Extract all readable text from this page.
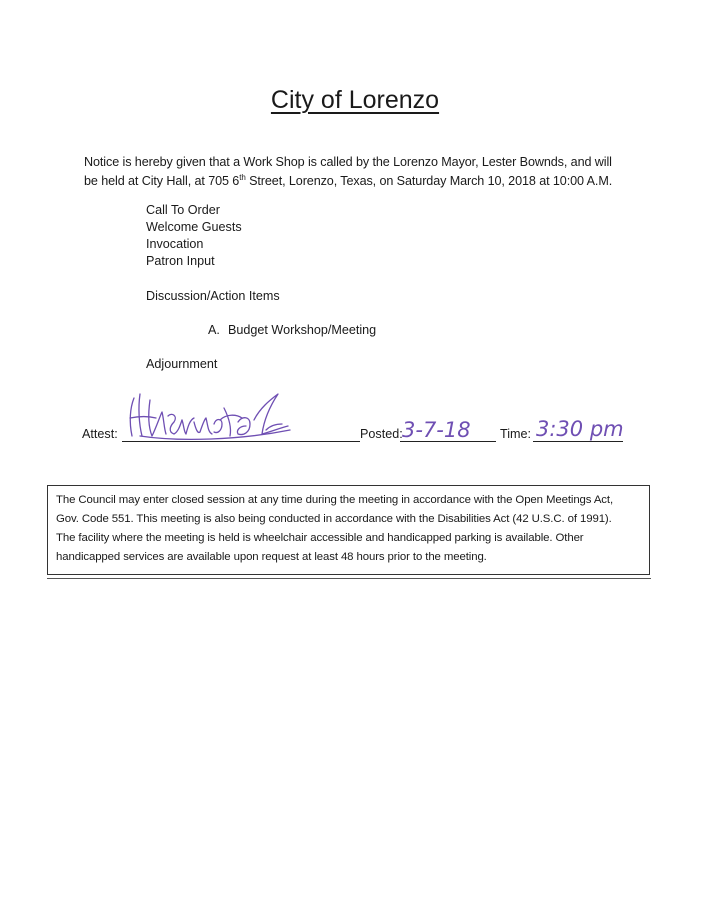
City of Lorenzo
Notice is hereby given that a Work Shop is called by the Lorenzo Mayor, Lester Bownds, and will
be held at City Hall, at 705 6th Street, Lorenzo, Texas, on Saturday March 10, 2018 at 10:00 A.M.
Call To Order
Welcome Guests
Invocation
Patron Input
Discussion/Action Items
A. Budget Workshop/Meeting
Adjournment
Attest:	Posted: 3-7-18 Time: 3:30 pm
The Council may enter closed session at any time during the meeting in accordance with the Open Meetings Act,
Gov. Code 551. This meeting is also being conducted in accordance with the Disabilities Act (42 U.S.C. of 1991).
The facility where the meeting is held is wheelchair accessible and handicapped parking is available. Other
handicapped services are available upon request at least 48 hours prior to the meeting.
